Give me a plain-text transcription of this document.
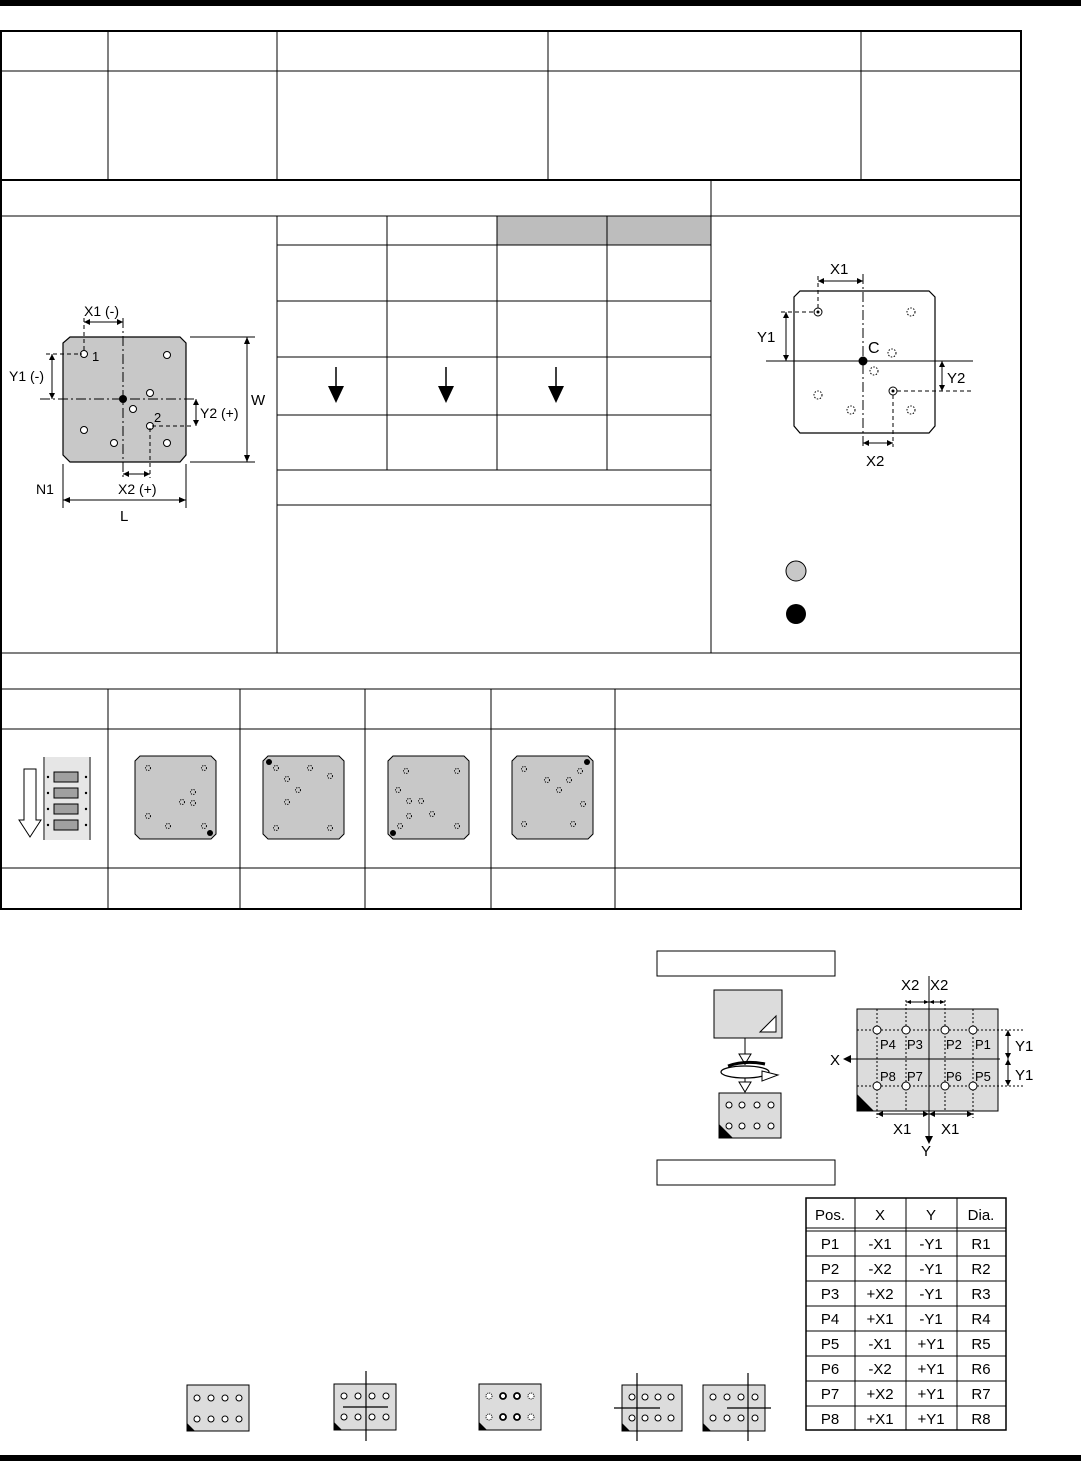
1
2
X1 (-)
Y1 (-)
Y2 (+)
X2 (+)
W
L
N1
X1
Y1
C
Y2
X2
X2 X2
X
Y
Y1
Y1
X1 X1
P4 P3 P2 P1
P8 P7 P6 P5
Pos. X	Y Dia.
P1 -X1 -Y1 R1
P2 -X2 -Y1 R2
P3 +X2 -Y1 R3
P4 +X1 -Y1 R4
P5 -X1 +Y1 R5
P6 -X2 +Y1 R6
P7 +X2 +Y1 R7
P8 +X1 +Y1 R8
